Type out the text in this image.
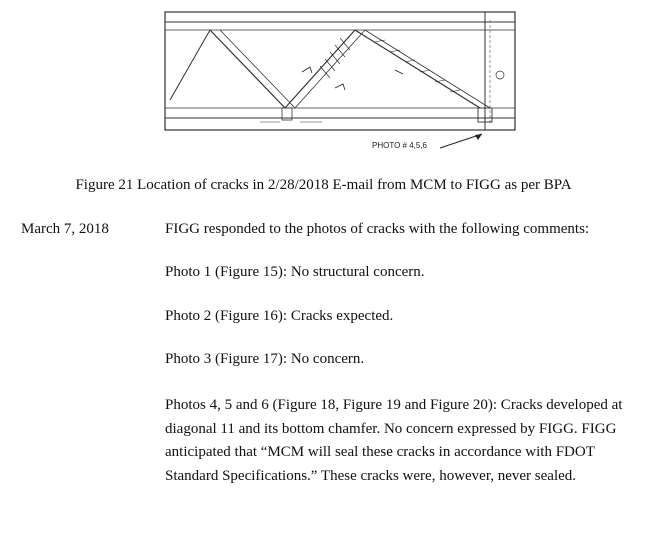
PHOTO # 4,5,6
Figure 21 Location of cracks in 2/28/2018 E-mail from MCM to FIGG as per BPA
March 7, 2018	FIGG responded to the photos of cracks with the following comments:
Photo 1 (Figure 15): No structural concern.
Photo 2 (Figure 16): Cracks expected.
Photo 3 (Figure 17): No concern.
Photos 4, 5 and 6 (Figure 18, Figure 19 and Figure 20): Cracks developed at diagonal 11 and its bottom chamfer. No concern expressed by FIGG. FIGG anticipated that “MCM will seal these cracks in accordance with FDOT Standard Specifications.” These cracks were, however, never sealed.
